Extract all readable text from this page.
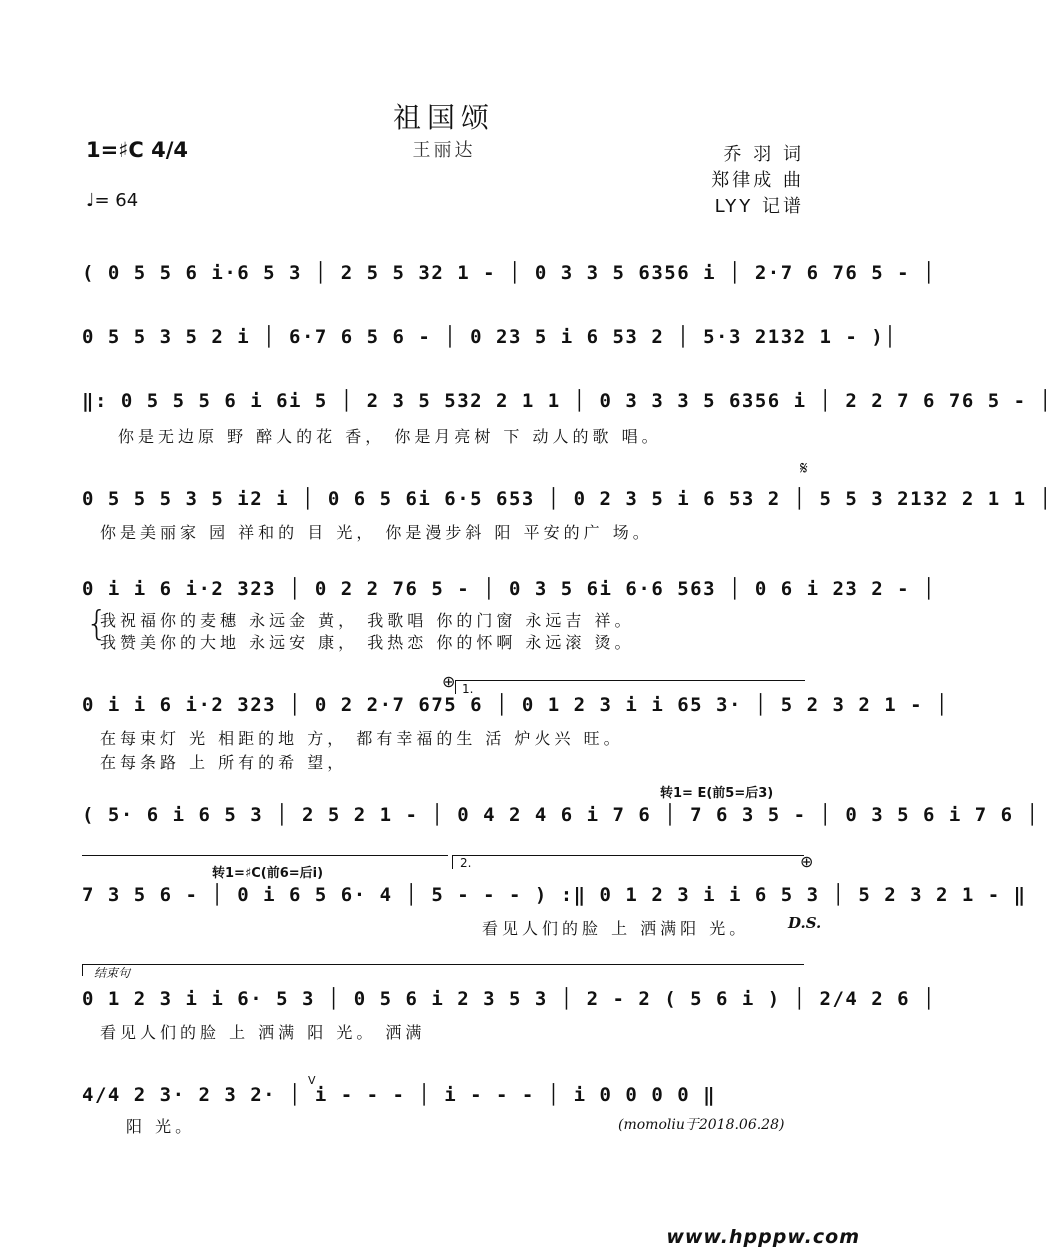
祖国颂
王丽达
1=♯C 4/4
♩= 64
乔 羽 词
郑律成 曲
LYY 记谱
( 0 5 5 6 i·6 5 3 │ 2 5 5 32 1 - │ 0 3 3 5 6356 i │ 2·7 6 76 5 - │
0 5 5 3 5 2 i │ 6·7 6 5 6 - │ 0 23 5 i 6 53 2 │ 5·3 2132 1 - )│
‖: 0 5 5 5 6 i 6i 5 │ 2 3 5 532 2 1 1 │ 0 3 3 3 5 6356 i │ 2 2 7 6 76 5 - │
你是无边原 野 醉人的花 香， 你是月亮树 下 动人的歌 唱。
𝄋
0 5 5 5 3 5 i2 i │ 0 6 5 6i 6·5 653 │ 0 2 3 5 i 6 53 2 │ 5 5 3 2132 2 1 1 │
你是美丽家 园 祥和的 目 光， 你是漫步斜 阳 平安的广 场。
0 i i 6 i·2 323 │ 0 2 2 76 5 - │ 0 3 5 6i 6·6 563 │ 0 6 i 23 2 - │
{
我祝福你的麦穗 永远金 黄， 我歌唱 你的门窗 永远吉 祥。
我赞美你的大地 永远安 康， 我热恋 你的怀啊 永远滚 烫。
⊕ 1.
0 i i 6 i·2 323 │ 0 2 2·7 675 6 │ 0 1 2 3 i i 65 3· │ 5 2 3 2 1 - │
在每束灯 光 相距的地 方， 都有幸福的生 活 炉火兴 旺。
在每条路 上 所有的希 望，
转1= E(前5=后3)
( 5· 6 i 6 5 3 │ 2 5 2 1 - │ 0 4 2 4 6 i 7 6 │ 7 6 3 5 - │ 0 3 5 6 i 7 6 │
2.	⊕
转1=♯C(前6=后i)
7 3 5 6 - │ 0 i 6 5 6· 4 │ 5 - - - ) :‖ 0 1 2 3 i i 6 5 3 │ 5 2 3 2 1 - ‖
看见人们的脸 上 洒满阳 光。	D.S.
结束句
0 1 2 3 i i 6· 5 3 │ 0 5 6 i 2 3 5 3 │ 2 - 2 ( 5 6 i ) │ 2/4 2 6 │
看见人们的脸 上 洒满 阳 光。 洒满
4/4 2 3· 2 3 2· │ i - - - │ i - - - │ i 0 0 0 0 ‖
V
阳 光。	(momoliu于2018.06.28)
www.hpppw.com
